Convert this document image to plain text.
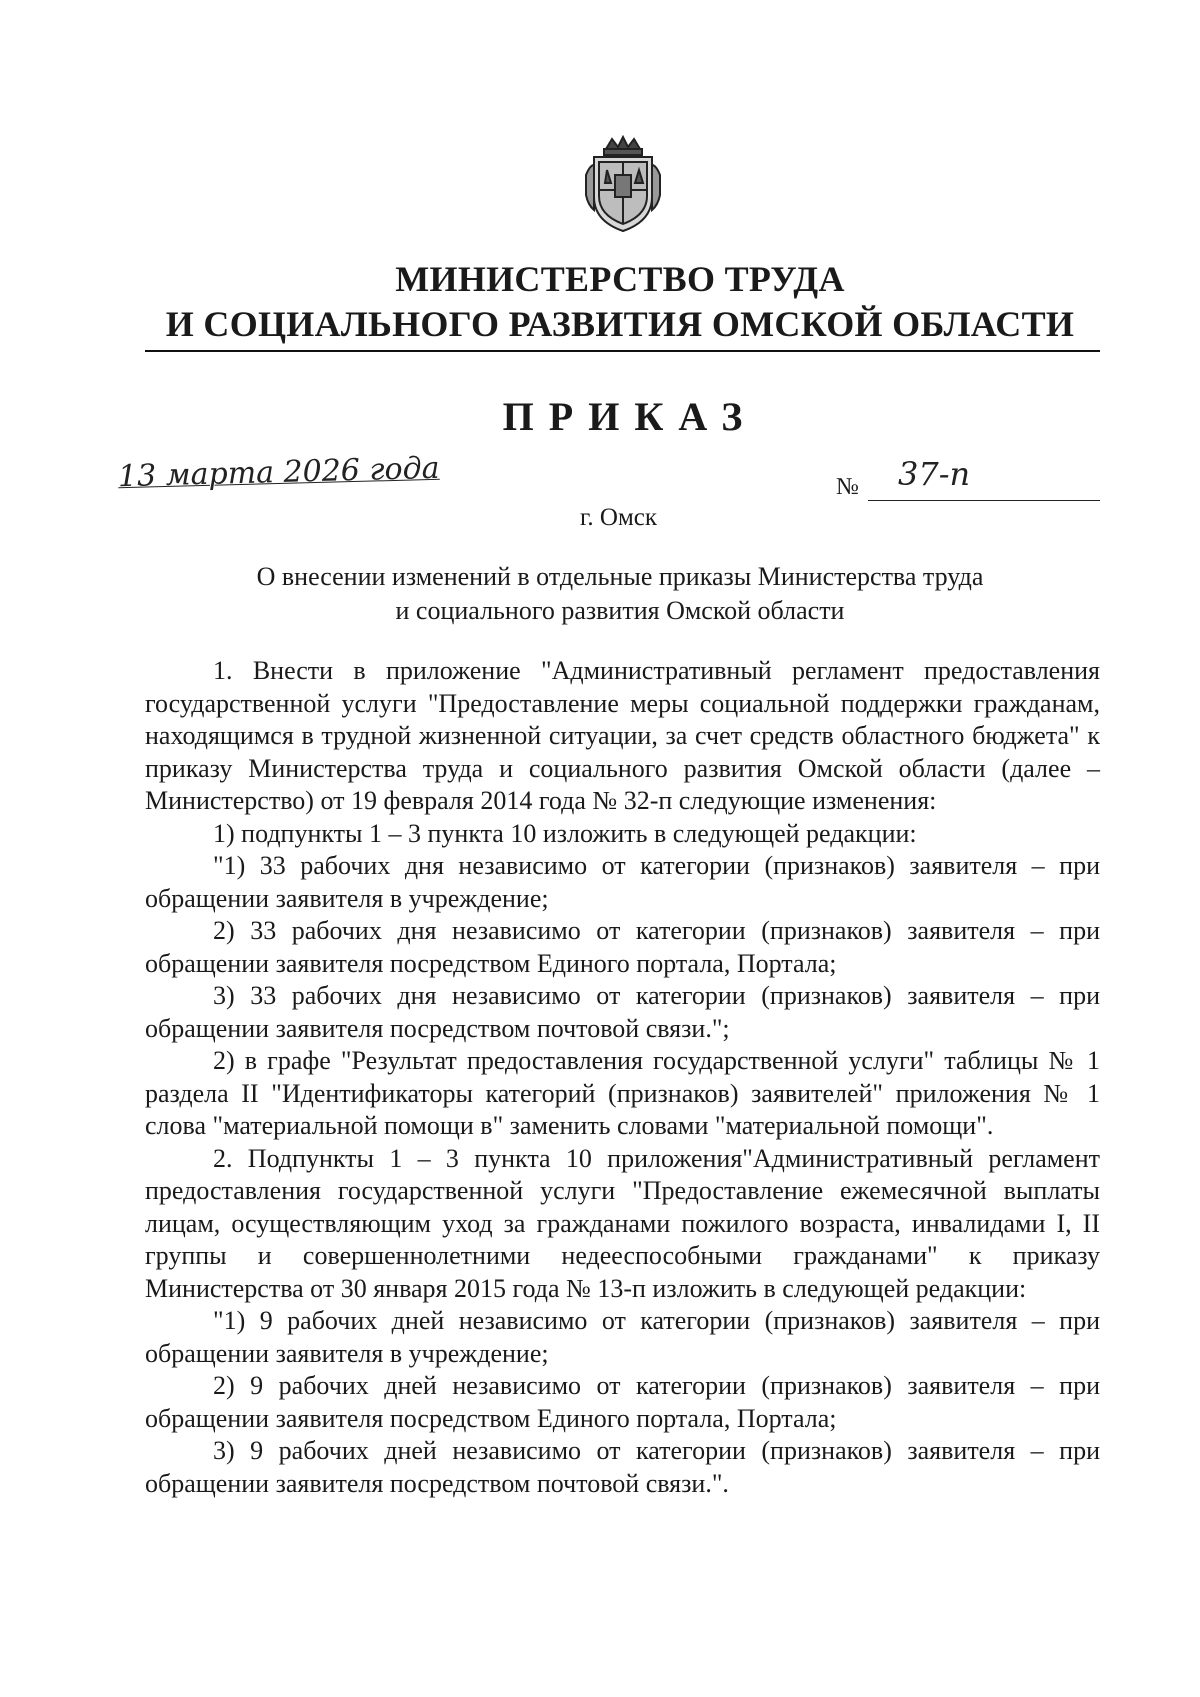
МИНИСТЕРСТВО ТРУДА
И СОЦИАЛЬНОГО РАЗВИТИЯ ОМСКОЙ ОБЛАСТИ
ПРИКАЗ
13 марта 2026 года	№ 37-п
г. Омск
О внесении изменений в отдельные приказы Министерства труда
и социального развития Омской области

1. Внести в приложение "Административный регламент предоставления государственной услуги "Предоставление меры социальной поддержки гражданам, находящимся в трудной жизненной ситуации, за счет средств областного бюджета" к приказу Министерства труда и социального развития Омской области (далее – Министерство) от 19 февраля 2014 года № 32-п следующие изменения:

1) подпункты 1 – 3 пункта 10 изложить в следующей редакции:

"1) 33 рабочих дня независимо от категории (признаков) заявителя – при обращении заявителя в учреждение;

2) 33 рабочих дня независимо от категории (признаков) заявителя – при обращении заявителя посредством Единого портала, Портала;

3) 33 рабочих дня независимо от категории (признаков) заявителя – при обращении заявителя посредством почтовой связи.";

2) в графе "Результат предоставления государственной услуги" таблицы № 1 раздела II "Идентификаторы категорий (признаков) заявителей" приложения № 1 слова "материальной помощи в" заменить словами "материальной помощи".

2. Подпункты 1 – 3 пункта 10 приложения"Административный регламент предоставления государственной услуги "Предоставление ежемесячной выплаты лицам, осуществляющим уход за гражданами пожилого возраста, инвалидами I, II группы и совершеннолетними недееспособными гражданами" к приказу Министерства от 30 января 2015 года № 13-п изложить в следующей редакции:

"1) 9 рабочих дней независимо от категории (признаков) заявителя – при обращении заявителя в учреждение;

2) 9 рабочих дней независимо от категории (признаков) заявителя – при обращении заявителя посредством Единого портала, Портала;

3) 9 рабочих дней независимо от категории (признаков) заявителя – при обращении заявителя посредством почтовой связи.".
